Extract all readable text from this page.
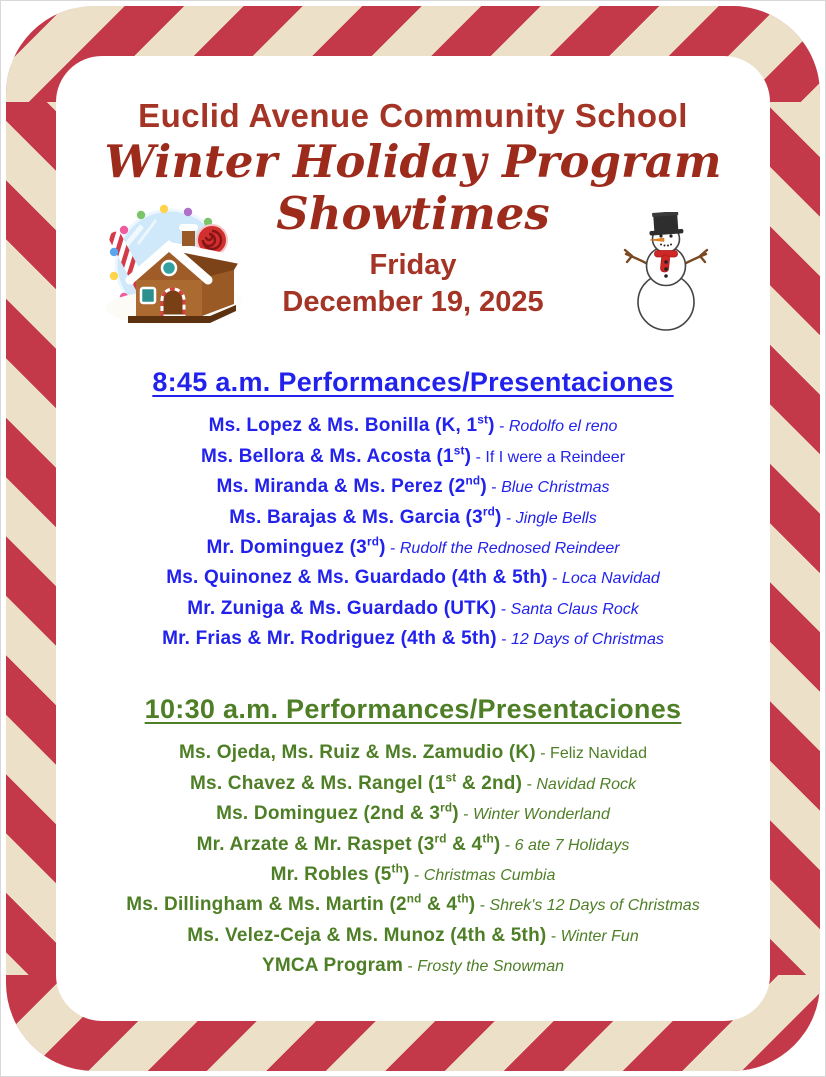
Euclid Avenue Community School
Winter Holiday Program
Showtimes
Friday
December 19, 2025
8:45 a.m. Performances/Presentaciones
Ms. Lopez & Ms. Bonilla (K, 1st) - Rodolfo el reno
Ms. Bellora & Ms. Acosta (1st) - If I were a Reindeer
Ms. Miranda & Ms. Perez (2nd) - Blue Christmas
Ms. Barajas & Ms. Garcia (3rd) - Jingle Bells
Mr. Dominguez (3rd) - Rudolf the Rednosed Reindeer
Ms. Quinonez & Ms. Guardado (4th & 5th) - Loca Navidad
Mr. Zuniga & Ms. Guardado (UTK) - Santa Claus Rock
Mr. Frias & Mr. Rodriguez (4th & 5th) - 12 Days of Christmas
10:30 a.m. Performances/Presentaciones
Ms. Ojeda, Ms. Ruiz & Ms. Zamudio (K) - Feliz Navidad
Ms. Chavez & Ms. Rangel (1st & 2nd) - Navidad Rock
Ms. Dominguez (2nd & 3rd) - Winter Wonderland
Mr. Arzate & Mr. Raspet (3rd & 4th) - 6 ate 7 Holidays
Mr. Robles (5th) - Christmas Cumbia
Ms. Dillingham & Ms. Martin (2nd & 4th) - Shrek's 12 Days of Christmas
Ms. Velez-Ceja & Ms. Munoz (4th & 5th) - Winter Fun
YMCA Program - Frosty the Snowman
